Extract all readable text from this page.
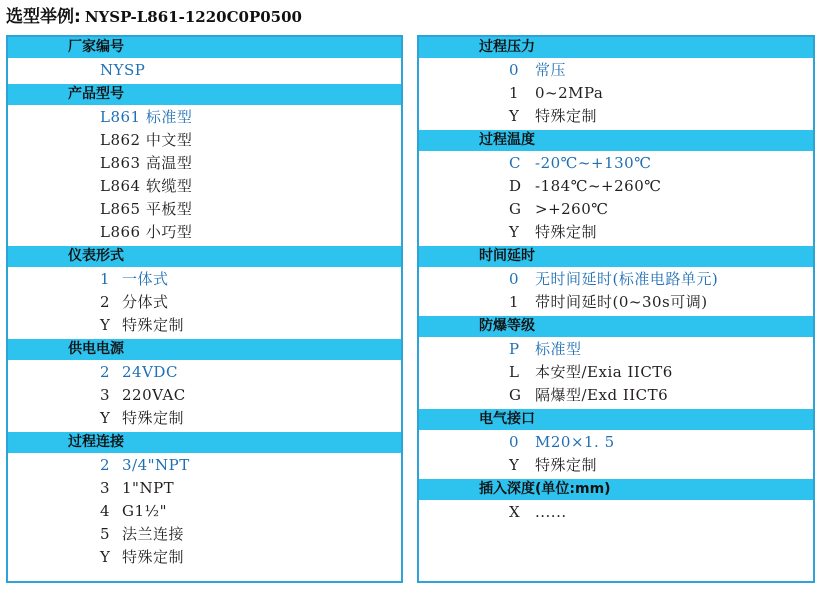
选型举例: NYSP-L861-1220C0P0500
厂家编号
NYSP
产品型号
L861 标准型
L862 中文型
L863 高温型
L864 软缆型
L865 平板型
L866 小巧型
仪表形式
1 一体式
2 分体式
Y 特殊定制
供电电源
2 24VDC
3 220VAC
Y 特殊定制
过程连接
2 3/4"NPT
3 1"NPT
4 G1½"
5 法兰连接
Y 特殊定制
过程压力
0 常压
1 0~2MPa
Y 特殊定制
过程温度
C -20℃~+130℃
D -184℃~+260℃
G >+260℃
Y 特殊定制
时间延时
0 无时间延时(标准电路单元)
1 带时间延时(0~30s可调)
防爆等级
P 标准型
L 本安型/Exia IICT6
G 隔爆型/Exd IICT6
电气接口
0 M20×1. 5
Y 特殊定制
插入深度(单位:mm)
X ......
